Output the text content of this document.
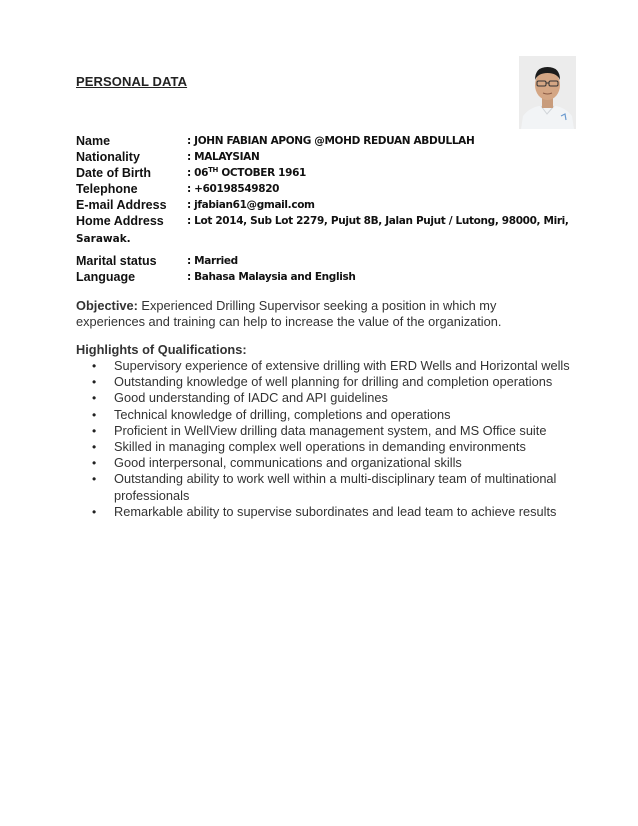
PERSONAL DATA
Name	: JOHN FABIAN APONG @MOHD REDUAN ABDULLAH
Nationality	: MALAYSIAN
Date of Birth	: 06TH OCTOBER 1961
Telephone	: +60198549820
E-mail Address	: jfabian61@gmail.com
Home Address	: Lot 2014, Sub Lot 2279, Pujut 8B, Jalan Pujut / Lutong, 98000, Miri,
Sarawak.
Marital status	: Married
Language	: Bahasa Malaysia and English
Objective: Experienced Drilling Supervisor seeking a position in which my experiences and training can help to increase the value of the organization.
Highlights of Qualifications:
• Supervisory experience of extensive drilling with ERD Wells and Horizontal wells
• Outstanding knowledge of well planning for drilling and completion operations
• Good understanding of IADC and API guidelines
• Technical knowledge of drilling, completions and operations
• Proficient in WellView drilling data management system, and MS Office suite
• Skilled in managing complex well operations in demanding environments
• Good interpersonal, communications and organizational skills
• Outstanding ability to work well within a multi-disciplinary team of multinational professionals
• Remarkable ability to supervise subordinates and lead team to achieve results
